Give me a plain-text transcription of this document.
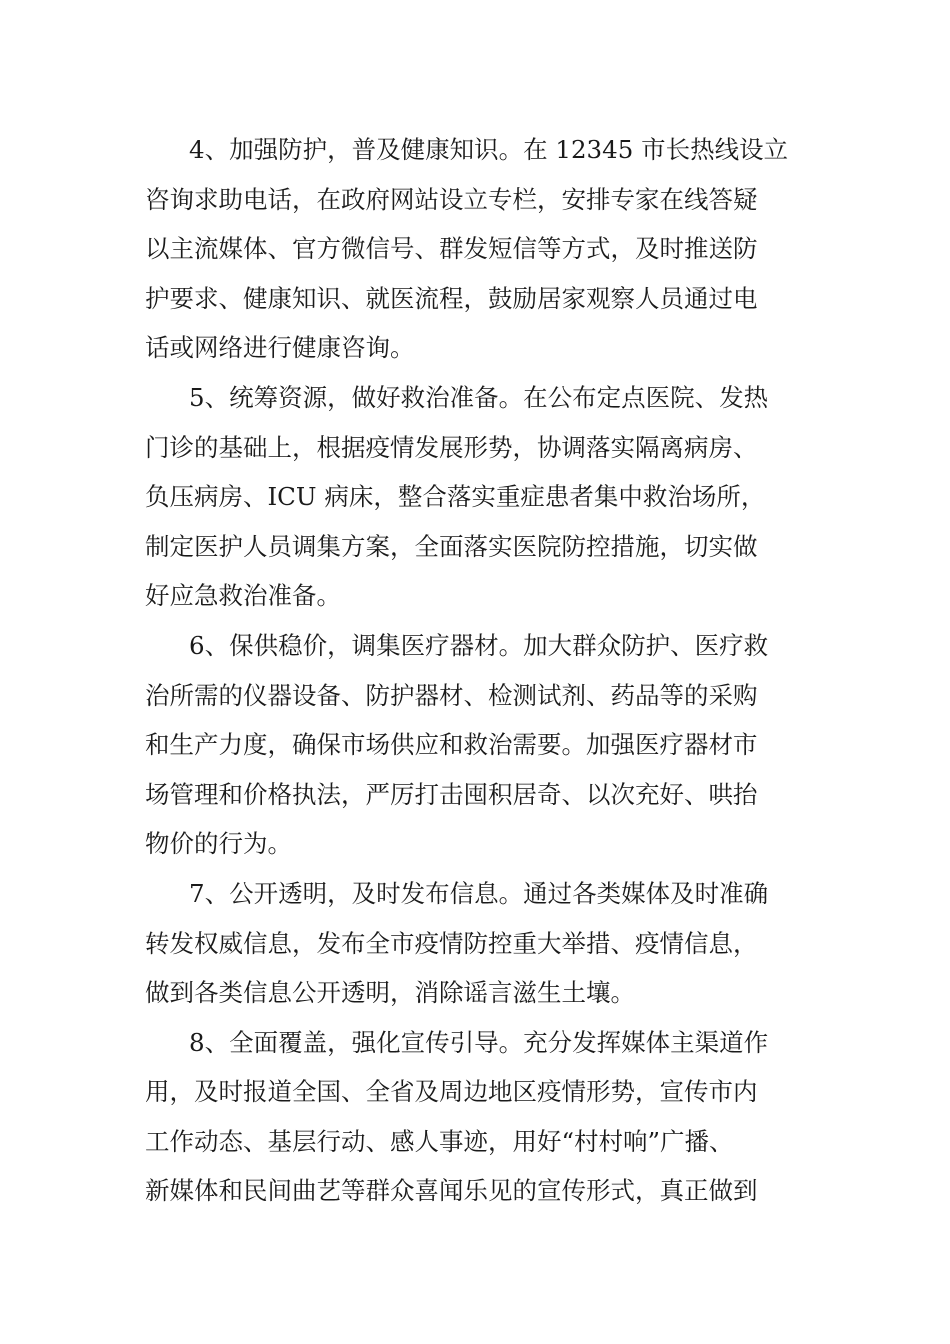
4、加强防护，普及健康知识。在 12345 市长热线设立
咨询求助电话，在政府网站设立专栏，安排专家在线答疑
以主流媒体、官方微信号、群发短信等方式，及时推送防
护要求、健康知识、就医流程，鼓励居家观察人员通过电
话或网络进行健康咨询。
5、统筹资源，做好救治准备。在公布定点医院、发热
门诊的基础上，根据疫情发展形势，协调落实隔离病房、
负压病房、ICU 病床，整合落实重症患者集中救治场所，
制定医护人员调集方案，全面落实医院防控措施，切实做
好应急救治准备。
6、保供稳价，调集医疗器材。加大群众防护、医疗救
治所需的仪器设备、防护器材、检测试剂、药品等的采购
和生产力度，确保市场供应和救治需要。加强医疗器材市
场管理和价格执法，严厉打击囤积居奇、以次充好、哄抬
物价的行为。
7、公开透明，及时发布信息。通过各类媒体及时准确
转发权威信息，发布全市疫情防控重大举措、疫情信息，
做到各类信息公开透明，消除谣言滋生土壤。
8、全面覆盖，强化宣传引导。充分发挥媒体主渠道作
用，及时报道全国、全省及周边地区疫情形势，宣传市内
工作动态、基层行动、感人事迹，用好“村村响”广播、
新媒体和民间曲艺等群众喜闻乐见的宣传形式，真正做到
